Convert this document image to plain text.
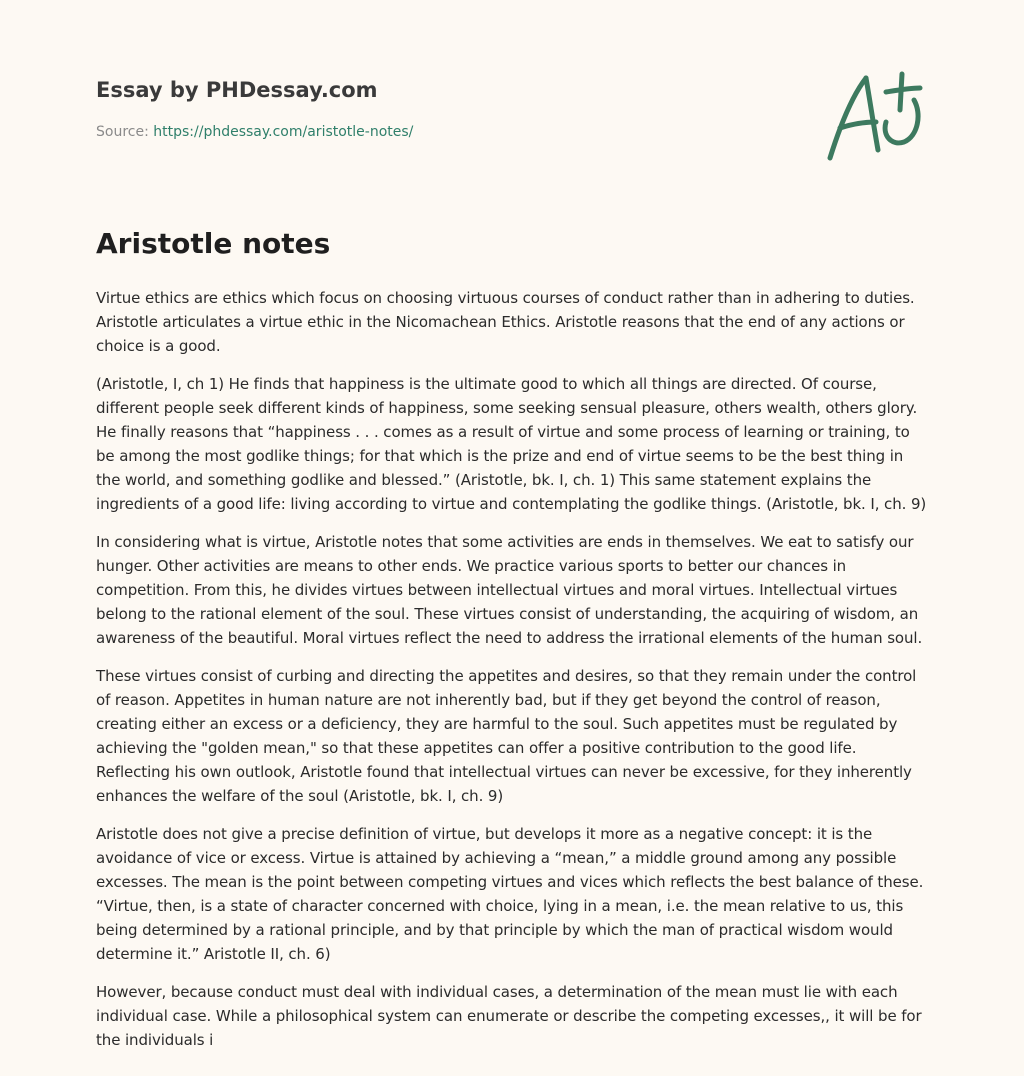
Essay by PHDessay.com
Source: https://phdessay.com/aristotle-notes/
Aristotle notes

Virtue ethics are ethics which focus on choosing virtuous courses of conduct rather than in adhering to duties. Aristotle articulates a virtue ethic in the Nicomachean Ethics. Aristotle reasons that the end of any actions or choice is a good.

(Aristotle, I, ch 1) He finds that happiness is the ultimate good to which all things are directed. Of course, different people seek different kinds of happiness, some seeking sensual pleasure, others wealth, others glory. He finally reasons that “happiness . . . comes as a result of virtue and some process of learning or training, to be among the most godlike things; for that which is the prize and end of virtue seems to be the best thing in the world, and something godlike and blessed.” (Aristotle, bk. I, ch. 1) This same statement explains the ingredients of a good life: living according to virtue and contemplating the godlike things. (Aristotle, bk. I, ch. 9)

In considering what is virtue, Aristotle notes that some activities are ends in themselves. We eat to satisfy our hunger. Other activities are means to other ends. We practice various sports to better our chances in competition. From this, he divides virtues between intellectual virtues and moral virtues. Intellectual virtues belong to the rational element of the soul. These virtues consist of understanding, the acquiring of wisdom, an awareness of the beautiful. Moral virtues reflect the need to address the irrational elements of the human soul.

These virtues consist of curbing and directing the appetites and desires, so that they remain under the control of reason. Appetites in human nature are not inherently bad, but if they get beyond the control of reason, creating either an excess or a deficiency, they are harmful to the soul. Such appetites must be regulated by achieving the "golden mean," so that these appetites can offer a positive contribution to the good life. Reflecting his own outlook, Aristotle found that intellectual virtues can never be excessive, for they inherently enhances the welfare of the soul (Aristotle, bk. I, ch. 9)

Aristotle does not give a precise definition of virtue, but develops it more as a negative concept: it is the avoidance of vice or excess. Virtue is attained by achieving a “mean,” a middle ground among any possible excesses. The mean is the point between competing virtues and vices which reflects the best balance of these. “Virtue, then, is a state of character concerned with choice, lying in a mean, i.e. the mean relative to us, this being determined by a rational principle, and by that principle by which the man of practical wisdom would determine it.” Aristotle II, ch. 6)

However, because conduct must deal with individual cases, a determination of the mean must lie with each individual case. While a philosophical system can enumerate or describe the competing excesses,, it will be for the individuals i
